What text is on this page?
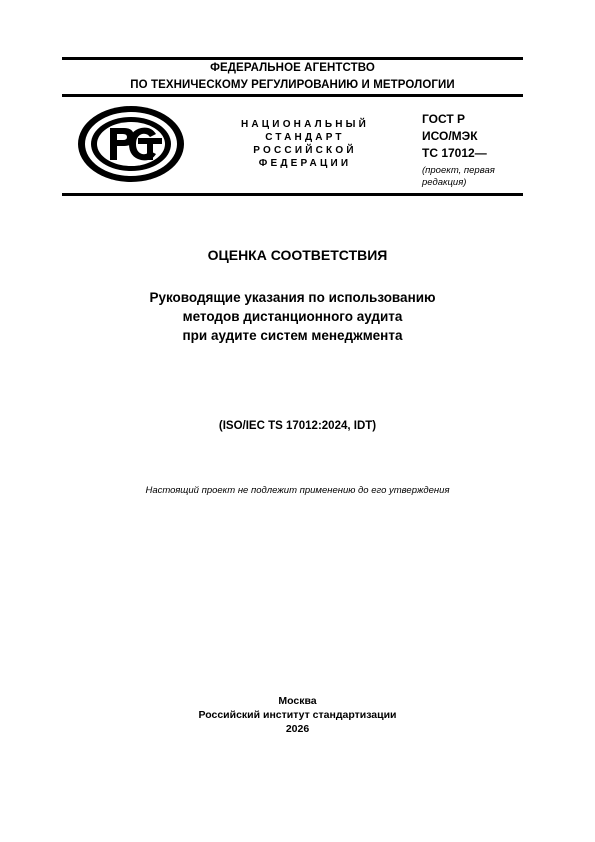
ФЕДЕРАЛЬНОЕ АГЕНТСТВО
ПО ТЕХНИЧЕСКОМУ РЕГУЛИРОВАНИЮ И МЕТРОЛОГИИ
НАЦИОНАЛЬНЫЙ
СТАНДАРТ
РОССИЙСКОЙ
ФЕДЕРАЦИИ
ГОСТ Р
ИСО/МЭК
ТС 17012—
(проект, первая
редакция)
ОЦЕНКА СООТВЕТСТВИЯ
Руководящие указания по использованию
методов дистанционного аудита
при аудите систем менеджмента
(ISO/IEC TS 17012:2024, IDT)
Настоящий проект не подлежит применению до его утверждения
Москва
Российский институт стандартизации
2026
